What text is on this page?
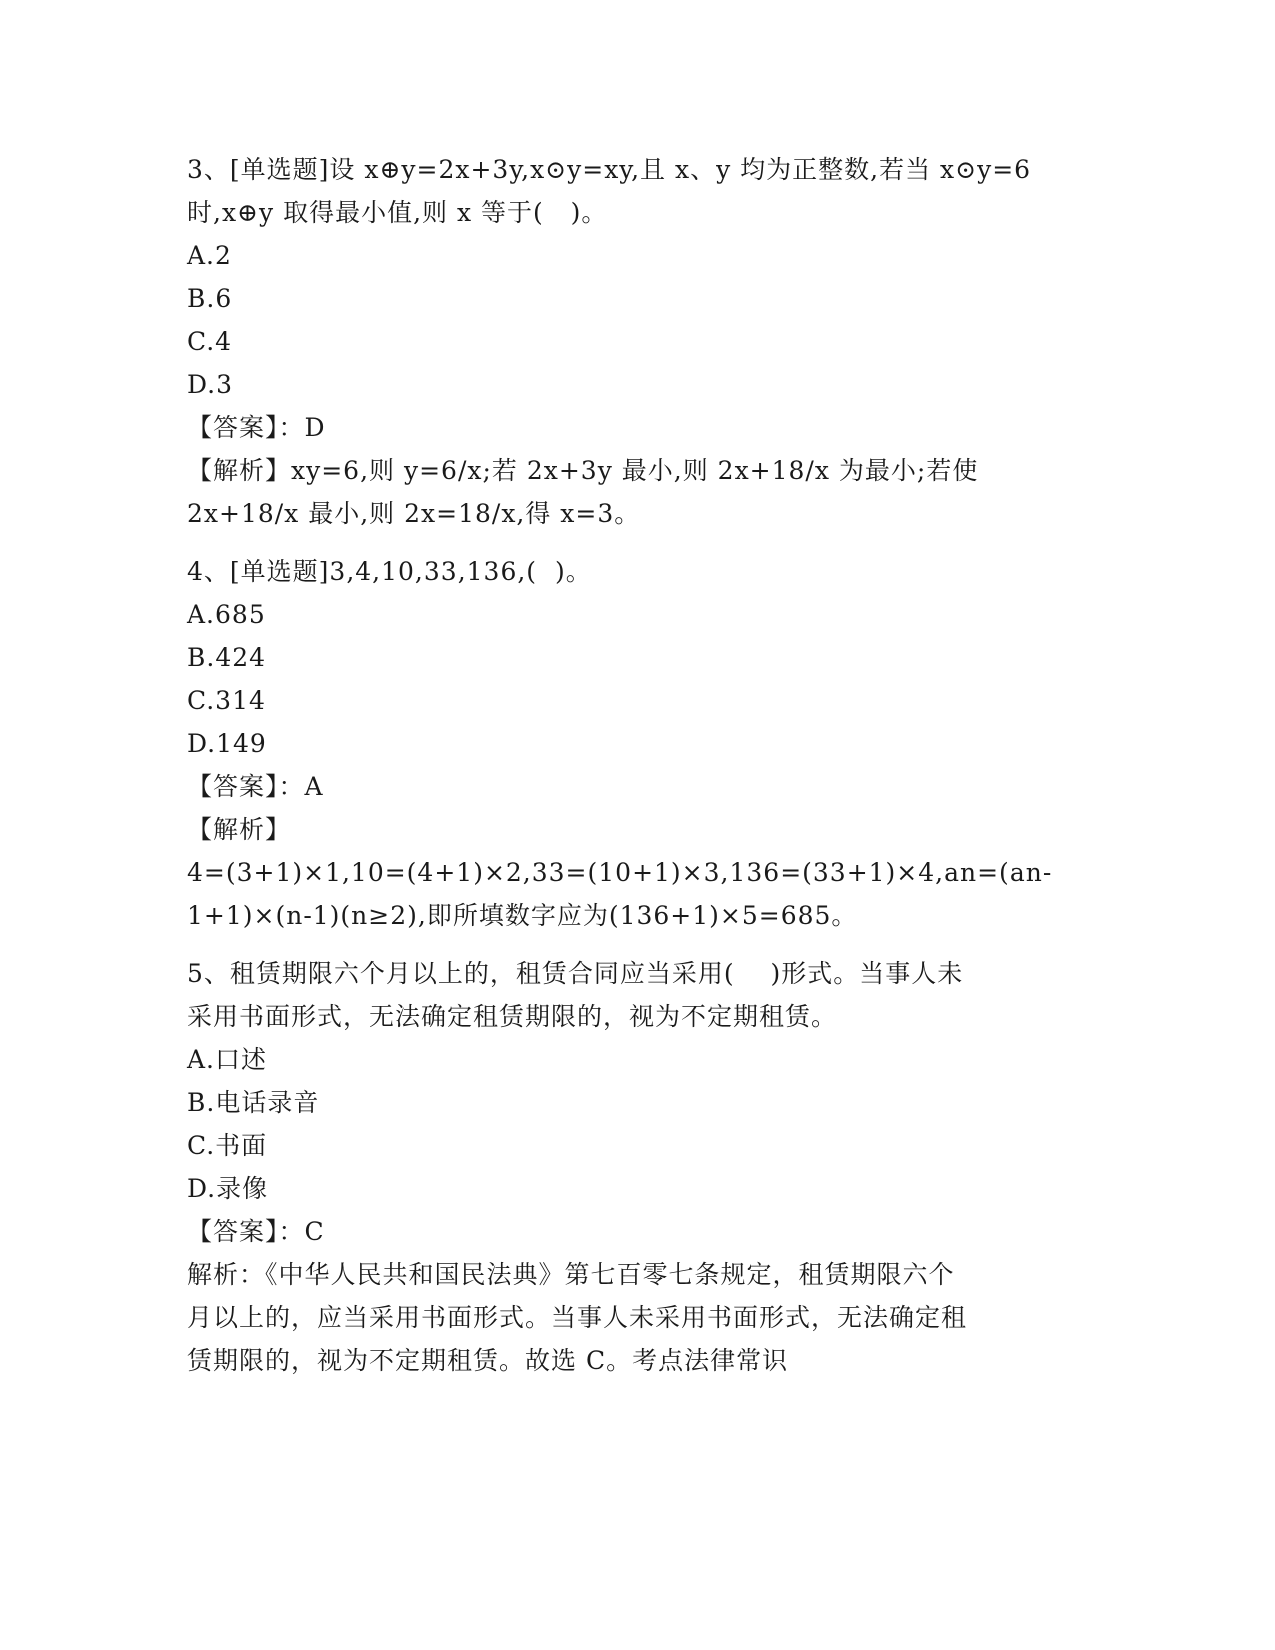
3、[单选题]设 x⊕y=2x+3y,x⊙y=xy,且 x、y 均为正整数,若当 x⊙y=6
时,x⊕y 取得最小值,则 x 等于(   )。
A.2
B.6
C.4
D.3
【答案】：D
【解析】xy=6,则 y=6/x;若 2x+3y 最小,则 2x+18/x 为最小;若使
2x+18/x 最小,则 2x=18/x,得 x=3。
4、[单选题]3,4,10,33,136,(  )。
A.685
B.424
C.314
D.149
【答案】：A
【解析】
4=(3+1)×1,10=(4+1)×2,33=(10+1)×3,136=(33+1)×4,an=(an-
1+1)×(n-1)(n≥2),即所填数字应为(136+1)×5=685。
5、租赁期限六个月以上的，租赁合同应当采用(    )形式。当事人未
采用书面形式，无法确定租赁期限的，视为不定期租赁。
A.口述
B.电话录音
C.书面
D.录像
【答案】：C
解析：《中华人民共和国民法典》第七百零七条规定，租赁期限六个
月以上的，应当采用书面形式。当事人未采用书面形式，无法确定租
赁期限的，视为不定期租赁。故选 C。考点法律常识
